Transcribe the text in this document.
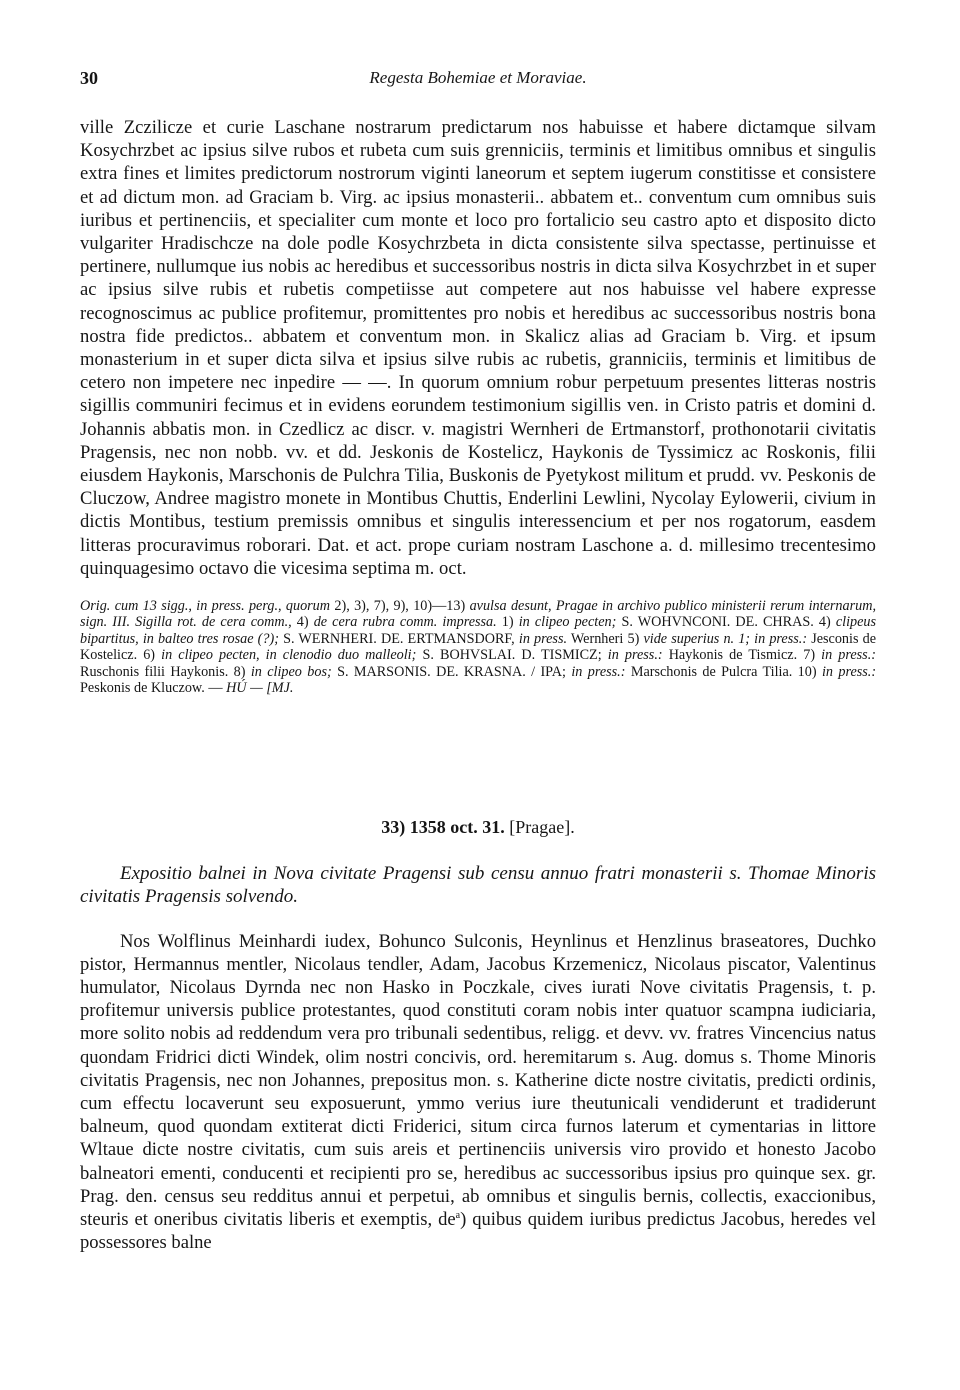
30	Regesta Bohemiae et Moraviae.

ville Zczilicze et curie Laschane nostrarum predictarum nos habuisse et habere dictamque silvam Kosychrzbet ac ipsius silve rubos et rubeta cum suis grenniciis, terminis et limitibus omnibus et singulis extra fines et limites predictorum nostrorum viginti laneorum et septem iugerum constitisse et consistere et ad dictum mon. ad Graciam b. Virg. ac ipsius monasterii.. abbatem et.. conventum cum omnibus suis iuribus et pertinenciis, et specialiter cum monte et loco pro fortalicio seu castro apto et disposito dicto vulgariter Hradischcze na dole podle Kosychrzbeta in dicta consistente silva spectasse, pertinuisse et pertinere, nullumque ius nobis ac heredibus et successoribus nostris in dicta silva Kosychrzbet in et super ac ipsius silve rubis et rubetis competiisse aut competere aut nos habuisse vel habere expresse recognoscimus ac publice profitemur, promittentes pro nobis et heredibus ac successoribus nostris bona nostra fide predictos.. abbatem et conventum mon. in Skalicz alias ad Graciam b. Virg. et ipsum monasterium in et super dicta silva et ipsius silve rubis ac rubetis, granniciis, terminis et limitibus de cetero non impetere nec inpedire — —. In quorum omnium robur perpetuum presentes litteras nostris sigillis communiri fecimus et in evidens eorundem testimonium sigillis ven. in Cristo patris et domini d. Johannis abbatis mon. in Czedlicz ac discr. v. magistri Wernheri de Ertmanstorf, prothonotarii civitatis Pragensis, nec non nobb. vv. et dd. Jeskonis de Kostelicz, Haykonis de Tyssimicz ac Roskonis, filii eiusdem Haykonis, Marschonis de Pulchra Tilia, Buskonis de Pyetykost militum et prudd. vv. Peskonis de Cluczow, Andree magistro monete in Montibus Chuttis, Enderlini Lewlini, Nycolay Eylowerii, civium in dictis Montibus, testium premissis omnibus et singulis interessencium et per nos rogatorum, easdem litteras procuravimus roborari. Dat. et act. prope curiam nostram Laschone a. d. millesimo trecentesimo quinquagesimo octavo die vicesima septima m. oct.

Orig. cum 13 sigg., in press. perg., quorum 2), 3), 7), 9), 10)—13) avulsa desunt, Pragae in archivo publico ministerii rerum internarum, sign. III. Sigilla rot. de cera comm., 4) de cera rubra comm. impressa. 1) in clipeo pecten; S. WOHVNCONI. DE. CHRAS. 4) clipeus bipartitus, in balteo tres rosae (?); S. WERNHERI. DE. ERTMANSDORF, in press. Wernheri 5) vide superius n. 1; in press.: Jesconis de Kostelicz. 6) in clipeo pecten, in clenodio duo malleoli; S. BOHVSLAI. D. TISMICZ; in press.: Haykonis de Tismicz. 7) in press.: Ruschonis filii Haykonis. 8) in clipeo bos; S. MARSONIS. DE. KRASNA. / IPA; in press.: Marschonis de Pulcra Tilia. 10) in press.: Peskonis de Kluczow. — HÚ — [MJ.

33) 1358 oct. 31. [Pragae].

Expositio balnei in Nova civitate Pragensi sub censu annuo fratri monasterii s. Thomae Minoris civitatis Pragensis solvendo.

Nos Wolflinus Meinhardi iudex, Bohunco Sulconis, Heynlinus et Henzlinus braseatores, Duchko pistor, Hermannus mentler, Nicolaus tendler, Adam, Jacobus Krzemenicz, Nicolaus piscator, Valentinus humulator, Nicolaus Dyrnda nec non Hasko in Poczkale, cives iurati Nove civitatis Pragensis, t. p. profitemur universis publice protestantes, quod constituti coram nobis inter quatuor scampna iudiciaria, more solito nobis ad reddendum vera pro tribunali sedentibus, religg. et devv. vv. fratres Vincencius natus quondam Fridrici dicti Windek, olim nostri concivis, ord. heremitarum s. Aug. domus s. Thome Minoris civitatis Pragensis, nec non Johannes, prepositus mon. s. Katherine dicte nostre civitatis, predicti ordinis, cum effectu locaverunt seu exposuerunt, ymmo verius iure theutunicali vendiderunt et tradiderunt balneum, quod quondam extiterat dicti Friderici, situm circa furnos laterum et cymentarias in littore Wltaue dicte nostre civitatis, cum suis areis et pertinenciis universis viro provido et honesto Jacobo balneatori ementi, conducenti et recipienti pro se, heredibus ac successoribus ipsius pro quinque sex. gr. Prag. den. census seu redditus annui et perpetui, ab omnibus et singulis bernis, collectis, exaccionibus, steuris et oneribus civitatis liberis et exemptis, $de^a$) quibus quidem iuribus predictus Jacobus, heredes vel possessores balne
